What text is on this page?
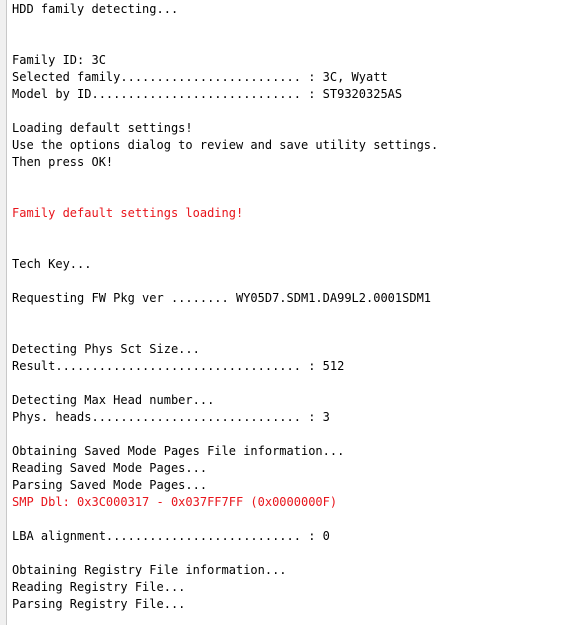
HDD family detecting...
Family ID: 3C
Selected family......................... : 3C, Wyatt
Model by ID............................. : ST9320325AS
Loading default settings!
Use the options dialog to review and save utility settings.
Then press OK!
Family default settings loading!
Tech Key...
Requesting FW Pkg ver ........ WY05D7.SDM1.DA99L2.0001SDM1
Detecting Phys Sct Size...
Result.................................. : 512
Detecting Max Head number...
Phys. heads............................. : 3
Obtaining Saved Mode Pages File information...
Reading Saved Mode Pages...
Parsing Saved Mode Pages...
SMP Dbl: 0x3C000317 - 0x037FF7FF (0x0000000F)
LBA alignment........................... : 0
Obtaining Registry File information...
Reading Registry File...
Parsing Registry File...
